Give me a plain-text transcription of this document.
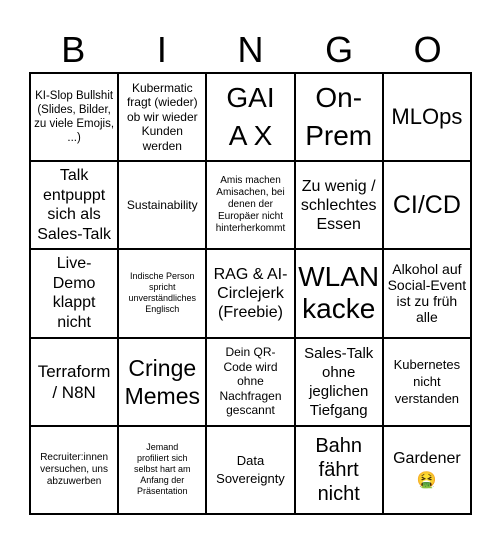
B	I	N	G	O
KI-Slop Bullshit (Slides, Bilder, zu viele Emojis, ...)
Kubermatic fragt (wieder) ob wir wieder Kunden werden
GAIA X
On-Prem
MLOps
Talk entpuppt sich als Sales-Talk
Sustainability
Amis machen Amisachen, bei denen der Europäer nicht hinterherkommt
Zu wenig / schlechtes Essen
CI/CD
Live-Demo klappt nicht
Indische Person spricht unverständliches Englisch
RAG & AI-Circlejerk (Freebie)
WLAN kacke
Alkohol auf Social-Event ist zu früh alle
Terraform / N8N
Cringe Memes
Dein QR-Code wird ohne Nachfragen gescannt
Sales-Talk ohne jeglichen Tiefgang
Kubernetes nicht verstanden
Recruiter:innen versuchen, uns abzuwerben
Jemand profiliert sich selbst hart am Anfang der Präsentation
Data Sovereignty
Bahn fährt nicht
Gardener 🤮
